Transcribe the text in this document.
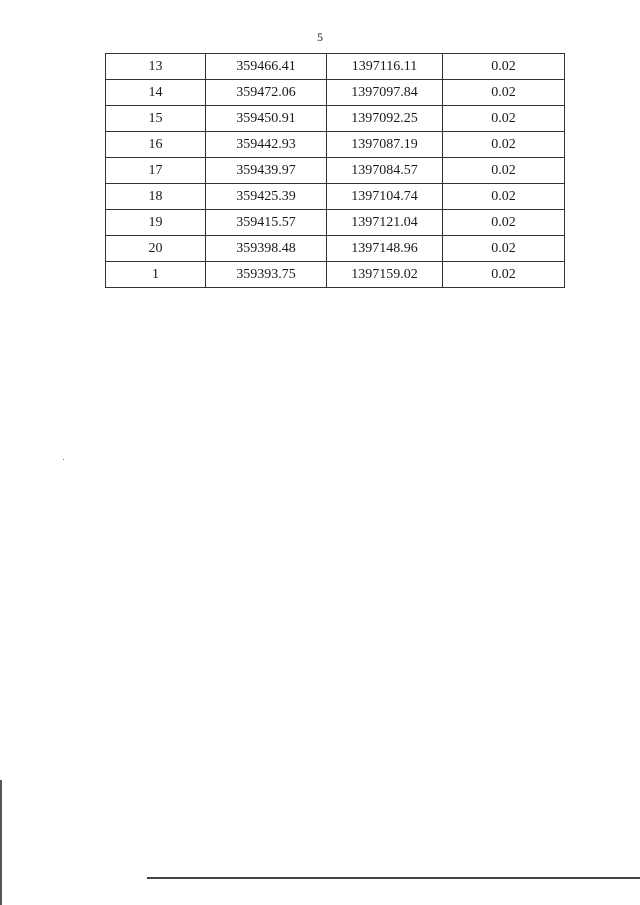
5
13	359466.41	1397116.11	0.02
14	359472.06	1397097.84	0.02
15	359450.91	1397092.25	0.02
16	359442.93	1397087.19	0.02
17	359439.97	1397084.57	0.02
18	359425.39	1397104.74	0.02
19	359415.57	1397121.04	0.02
20	359398.48	1397148.96	0.02
1	359393.75	1397159.02	0.02
